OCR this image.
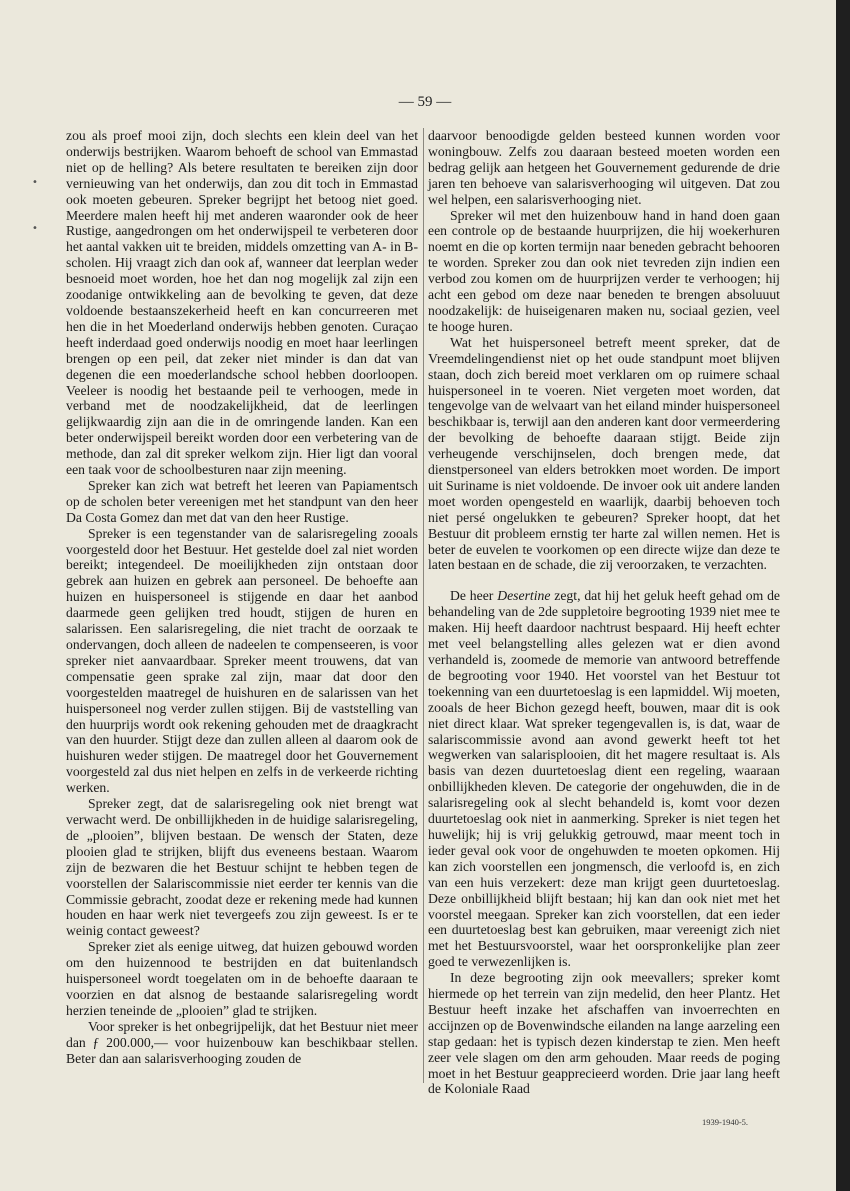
— 59 —
•
•

zou als proef mooi zijn, doch slechts een klein deel van het onderwijs bestrijken. Waarom behoeft de school van Emmastad niet op de helling? Als betere resultaten te bereiken zijn door vernieuwing van het onderwijs, dan zou dit toch in Emmastad ook moeten gebeuren. Spreker begrijpt het betoog niet goed. Meerdere malen heeft hij met anderen waaronder ook de heer Rustige, aangedrongen om het onderwijspeil te verbeteren door het aantal vakken uit te breiden, middels omzetting van A- in B-scholen. Hij vraagt zich dan ook af, wanneer dat leerplan weder besnoeid moet worden, hoe het dan nog mogelijk zal zijn een zoodanige ontwikkeling aan de bevolking te geven, dat deze voldoende bestaanszekerheid heeft en kan concurreeren met hen die in het Moederland onderwijs hebben genoten. Curaçao heeft inderdaad goed onderwijs noodig en moet haar leerlingen brengen op een peil, dat zeker niet minder is dan dat van degenen die een moederlandsche school hebben doorloopen. Veeleer is noodig het bestaande peil te verhoogen, mede in verband met de noodzakelijkheid, dat de leerlingen gelijkwaardig zijn aan die in de omringende landen. Kan een beter onderwijspeil bereikt worden door een verbetering van de methode, dan zal dit spreker welkom zijn. Hier ligt dan vooral een taak voor de schoolbesturen naar zijn meening.

Spreker kan zich wat betreft het leeren van Papiamentsch op de scholen beter vereenigen met het standpunt van den heer Da Costa Gomez dan met dat van den heer Rustige.

Spreker is een tegenstander van de salarisregeling zooals voorgesteld door het Bestuur. Het gestelde doel zal niet worden bereikt; integendeel. De moeilijkheden zijn ontstaan door gebrek aan huizen en gebrek aan personeel. De behoefte aan huizen en huispersoneel is stijgende en daar het aanbod daarmede geen gelijken tred houdt, stijgen de huren en salarissen. Een salarisregeling, die niet tracht de oorzaak te ondervangen, doch alleen de nadeelen te compenseeren, is voor spreker niet aanvaardbaar. Spreker meent trouwens, dat van compensatie geen sprake zal zijn, maar dat door den voorgestelden maatregel de huishuren en de salarissen van het huispersoneel nog verder zullen stijgen. Bij de vaststelling van den huurprijs wordt ook rekening gehouden met de draagkracht van den huurder. Stijgt deze dan zullen alleen al daarom ook de huishuren weder stijgen. De maatregel door het Gouvernement voorgesteld zal dus niet helpen en zelfs in de verkeerde richting werken.

Spreker zegt, dat de salarisregeling ook niet brengt wat verwacht werd. De onbillijkheden in de huidige salarisregeling, de „plooien”, blijven bestaan. De wensch der Staten, deze plooien glad te strijken, blijft dus eveneens bestaan. Waarom zijn de bezwaren die het Bestuur schijnt te hebben tegen de voorstellen der Salariscommissie niet eerder ter kennis van die Commissie gebracht, zoodat deze er rekening mede had kunnen houden en haar werk niet tevergeefs zou zijn geweest. Is er te weinig contact geweest?

Spreker ziet als eenige uitweg, dat huizen gebouwd worden om den huizennood te bestrijden en dat buitenlandsch huispersoneel wordt toegelaten om in de behoefte daaraan te voorzien en dat alsnog de bestaande salarisregeling wordt herzien teneinde de „plooien” glad te strijken.

Voor spreker is het onbegrijpelijk, dat het Bestuur niet meer dan ƒ 200.000,— voor huizenbouw kan beschikbaar stellen. Beter dan aan salarisverhooging zouden de

daarvoor benoodigde gelden besteed kunnen worden voor woningbouw. Zelfs zou daaraan besteed moeten worden een bedrag gelijk aan hetgeen het Gouvernement gedurende de drie jaren ten behoeve van salarisverhooging wil uitgeven. Dat zou wel helpen, een salarisverhooging niet.

Spreker wil met den huizenbouw hand in hand doen gaan een controle op de bestaande huurprijzen, die hij woekerhuren noemt en die op korten termijn naar beneden gebracht behooren te worden. Spreker zou dan ook niet tevreden zijn indien een verbod zou komen om de huurprijzen verder te verhoogen; hij acht een gebod om deze naar beneden te brengen absoluuut noodzakelijk: de huiseigenaren maken nu, sociaal gezien, veel te hooge huren.

Wat het huispersoneel betreft meent spreker, dat de Vreemdelingendienst niet op het oude standpunt moet blijven staan, doch zich bereid moet verklaren om op ruimere schaal huispersoneel in te voeren. Niet vergeten moet worden, dat tengevolge van de welvaart van het eiland minder huispersoneel beschikbaar is, terwijl aan den anderen kant door vermeerdering der bevolking de behoefte daaraan stijgt. Beide zijn verheugende verschijnselen, doch brengen mede, dat dienstpersoneel van elders betrokken moet worden. De import uit Suriname is niet voldoende. De invoer ook uit andere landen moet worden opengesteld en waarlijk, daarbij behoeven toch niet persé ongelukken te gebeuren? Spreker hoopt, dat het Bestuur dit probleem ernstig ter harte zal willen nemen. Het is beter de euvelen te voorkomen op een directe wijze dan deze te laten bestaan en de schade, die zij veroorzaken, te verzachten.

De heer Desertine zegt, dat hij het geluk heeft gehad om de behandeling van de 2de suppletoire begrooting 1939 niet mee te maken. Hij heeft daardoor nachtrust bespaard. Hij heeft echter met veel belangstelling alles gelezen wat er dien avond verhandeld is, zoomede de memorie van antwoord betreffende de begrooting voor 1940. Het voorstel van het Bestuur tot toekenning van een duurtetoeslag is een lapmiddel. Wij moeten, zooals de heer Bichon gezegd heeft, bouwen, maar dit is ook niet direct klaar. Wat spreker tegengevallen is, is dat, waar de salariscommissie avond aan avond gewerkt heeft tot het wegwerken van salarisplooien, dit het magere resultaat is. Als basis van dezen duurtetoeslag dient een regeling, waaraan onbillijkheden kleven. De categorie der ongehuwden, die in de salarisregeling ook al slecht behandeld is, komt voor dezen duurtetoeslag ook niet in aanmerking. Spreker is niet tegen het huwelijk; hij is vrij gelukkig getrouwd, maar meent toch in ieder geval ook voor de ongehuwden te moeten opkomen. Hij kan zich voorstellen een jongmensch, die verloofd is, en zich van een huis verzekert: deze man krijgt geen duurtetoeslag. Deze onbillijkheid blijft bestaan; hij kan dan ook niet met het voorstel meegaan. Spreker kan zich voorstellen, dat een ieder een duurtetoeslag best kan gebruiken, maar vereenigt zich niet met het Bestuursvoorstel, waar het oorspronkelijke plan zeer goed te verwezenlijken is.

In deze begrooting zijn ook meevallers; spreker komt hiermede op het terrein van zijn medelid, den heer Plantz. Het Bestuur heeft inzake het afschaffen van invoerrechten en accijnzen op de Bovenwindsche eilanden na lange aarzeling een stap gedaan: het is typisch dezen kinderstap te zien. Men heeft zeer vele slagen om den arm gehouden. Maar reeds de poging moet in het Bestuur geapprecieerd worden. Drie jaar lang heeft de Koloniale Raad

1939-1940-5.
